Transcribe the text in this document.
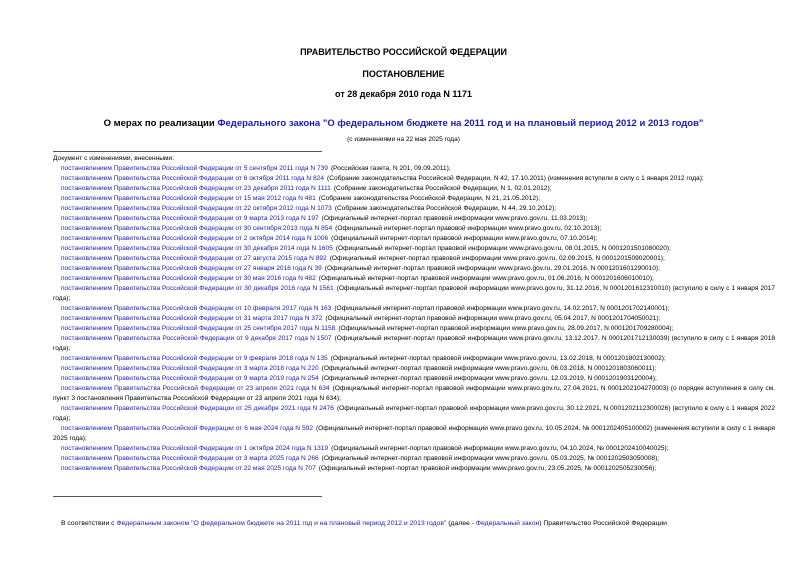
ПРАВИТЕЛЬСТВО РОССИЙСКОЙ ФЕДЕРАЦИИ
ПОСТАНОВЛЕНИЕ
от 28 декабря 2010 года N 1171
О мерах по реализации Федерального закона "О федеральном бюджете на 2011 год и на плановый период 2012 и 2013 годов"
(с изменениями на 22 мая 2025 года)
Документ с изменениями, внесенными:
постановлением Правительства Российской Федерации от 5 сентября 2011 года N 739 (Российская газета, N 201, 09.09.2011);
постановлением Правительства Российской Федерации от 6 октября 2011 года N 824 (Собрание законодательства Российской Федерации, N 42, 17.10.2011) (изменения вступили в силу с 1 января 2012 года);
постановлением Правительства Российской Федерации от 23 декабря 2011 года N 1111 (Собрание законодательства Российской Федерации, N 1, 02.01.2012);
постановлением Правительства Российской Федерации от 15 мая 2012 года N 481 (Собрание законодательства Российской Федерации, N 21, 21.05.2012);
постановлением Правительства Российской Федерации от 22 октября 2012 года N 1073 (Собрание законодательства Российской Федерации, N 44, 29.10.2012);
постановлением Правительства Российской Федерации от 9 марта 2013 года N 197 (Официальный интернет-портал правовой информации www.pravo.gov.ru, 11.03.2013);
постановлением Правительства Российской Федерации от 30 сентября 2013 года N 854 (Официальный интернет-портал правовой информации www.pravo.gov.ru, 02.10.2013);
постановлением Правительства Российской Федерации от 2 октября 2014 года N 1006 (Официальный интернет-портал правовой информации www.pravo.gov.ru, 07.10.2014);
постановлением Правительства Российской Федерации от 30 декабря 2014 года N 1605 (Официальный интернет-портал правовой информации www.pravo.gov.ru, 08.01.2015, N 0001201501080020);
постановлением Правительства Российской Федерации от 27 августа 2015 года N 892 (Официальный интернет-портал правовой информации www.pravo.gov.ru, 02.09.2015, N 0001201509020001);
постановлением Правительства Российской Федерации от 27 января 2016 года N 39 (Официальный интернет-портал правовой информации www.pravo.gov.ru, 29.01.2016, N 0001201601290010);
постановлением Правительства Российской Федерации от 30 мая 2016 года N 482 (Официальный интернет-портал правовой информации www.pravo.gov.ru, 01.06.2016, N 0001201606010010);
постановлением Правительства Российской Федерации от 30 декабря 2016 года N 1561 (Официальный интернет-портал правовой информации www.pravo.gov.ru, 31.12.2016, N 0001201612310010) (вступило в силу с 1 января 2017 года);
постановлением Правительства Российской Федерации от 10 февраля 2017 года N 163 (Официальный интернет-портал правовой информации www.pravo.gov.ru, 14.02.2017, N 0001201702140001);
постановлением Правительства Российской Федерации от 31 марта 2017 года N 372 (Официальный интернет-портал правовой информации www.pravo.gov.ru, 05.04.2017, N 0001201704050021);
постановлением Правительства Российской Федерации от 25 сентября 2017 года N 1158 (Официальный интернет-портал правовой информации www.pravo.gov.ru, 28.09.2017, N 0001201709280004);
постановлением Правительства Российской Федерации от 9 декабря 2017 года N 1507 (Официальный интернет-портал правовой информации www.pravo.gov.ru, 13.12.2017, N 0001201712130039) (вступило в силу с 1 января 2018 года);
постановлением Правительства Российской Федерации от 9 февраля 2018 года N 135 (Официальный интернет-портал правовой информации www.pravo.gov.ru, 13.02.2018, N 0001201802130002);
постановлением Правительства Российской Федерации от 3 марта 2018 года N 220 (Официальный интернет-портал правовой информации www.pravo.gov.ru, 06.03.2018, N 0001201803060011);
постановлением Правительства Российской Федерации от 9 марта 2019 года N 254 (Официальный интернет-портал правовой информации www.pravo.gov.ru, 12.03.2019, N 0001201903120004);
постановлением Правительства Российской Федерации от 23 апреля 2021 года N 634 (Официальный интернет-портал правовой информации www.pravo.gov.ru, 27.04.2021, N 0001202104270003) (о порядке вступления в силу см. пункт 3 постановления Правительства Российской Федерации от 23 апреля 2021 года N 634);
постановлением Правительства Российской Федерации от 25 декабря 2021 года N 2476 (Официальный интернет-портал правовой информации www.pravo.gov.ru, 30.12.2021, N 0001202112300026) (вступило в силу с 1 января 2022 года);
постановлением Правительства Российской Федерации от 6 мая 2024 года N 592 (Официальный интернет-портал правовой информации www.pravo.gov.ru, 10.05.2024, № 0001202405100002) (изменения вступили в силу с 1 января 2025 года);
постановлением Правительства Российской Федерации от 1 октября 2024 года N 1319 (Официальный интернет-портал правовой информации www.pravo.gov.ru, 04.10.2024, № 0001202410040025);
постановлением Правительства Российской Федерации от 3 марта 2025 года N 266 (Официальный интернет-портал правовой информации www.pravo.gov.ru, 05.03.2025, № 0001202503050008);
постановлением Правительства Российской Федерации от 22 мая 2025 года N 707 (Официальный интернет-портал правовой информации www.pravo.gov.ru, 23.05.2025, № 0001202505230056);
В соответствии с Федеральным законом "О федеральном бюджете на 2011 год и на плановый период 2012 и 2013 годов" (далее - Федеральный закон) Правительство Российской Федерации
